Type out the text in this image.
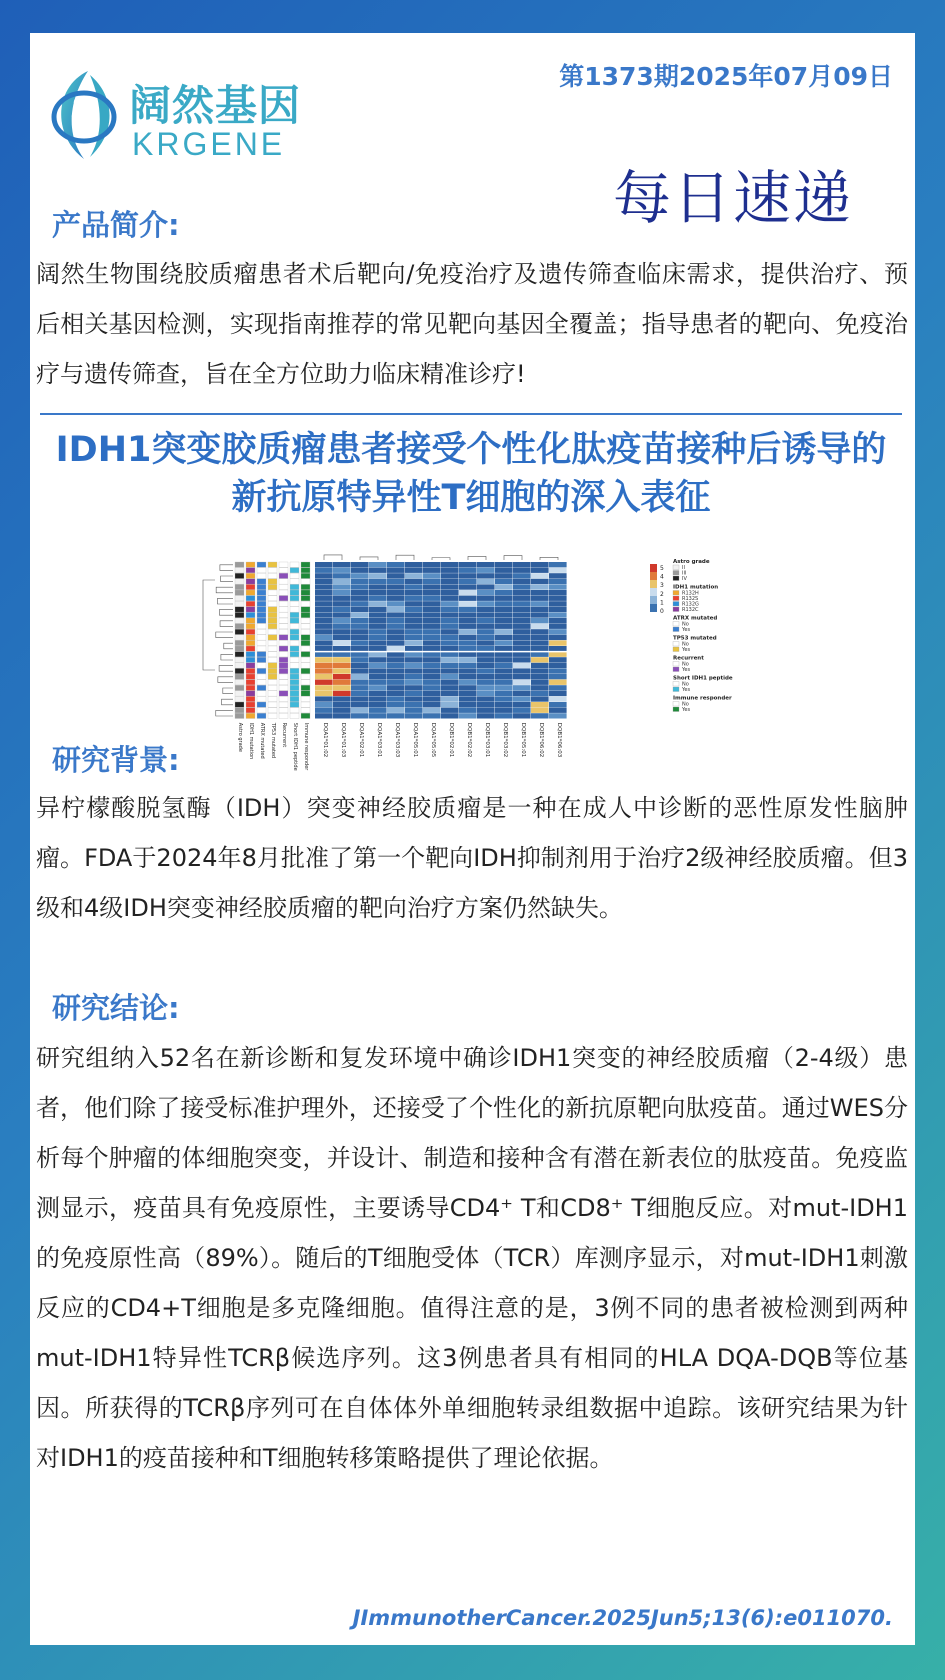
阔然基因
KRGENE
第1373期2025年07月09日
每日速递
产品简介:
阔然生物围绕胶质瘤患者术后靶向/免疫治疗及遗传筛查临床需求，提供治疗、预后相关基因检测，实现指南推荐的常见靶向基因全覆盖；指导患者的靶向、免疫治疗与遗传筛查，旨在全方位助力临床精准诊疗!
IDH1突变胶质瘤患者接受个性化肽疫苗接种后诱导的新抗原特异性T细胞的深入表征
Astro grade IDH1 mutation ATRX mutated TP53 mutated Recurrent Short IDH1 peptide Immune responder DQA1*01:02 DQA1*01:03 DQA1*02:01 DQA1*03:01 DQA1*03:03 DQA1*05:01 DQA1*05:05 DQB1*02:01 DQB1*02:02 DQB1*03:01 DQB1*03:02 DQB1*05:01 DQB1*06:02 DQB1*06:03
5
4
3
2
1
0
Astro grade
II
III
IV
IDH1 mutation
R132H
R132S
R132G
R132C
ATRX mutated
No
Yes
TP53 mutated
No
Yes
Recurrent
No
Yes
Short IDH1 peptide
No
Yes
Immune responder
No
Yes
研究背景:
异柠檬酸脱氢酶（IDH）突变神经胶质瘤是一种在成人中诊断的恶性原发性脑肿瘤。FDA于2024年8月批准了第一个靶向IDH抑制剂用于治疗2级神经胶质瘤。但3级和4级IDH突变神经胶质瘤的靶向治疗方案仍然缺失。
研究结论:
研究组纳入52名在新诊断和复发环境中确诊IDH1突变的神经胶质瘤（2-4级）患者，他们除了接受标准护理外，还接受了个性化的新抗原靶向肽疫苗。通过WES分析每个肿瘤的体细胞突变，并设计、制造和接种含有潜在新表位的肽疫苗。免疫监测显示，疫苗具有免疫原性，主要诱导CD4⁺ T和CD8⁺ T细胞反应。对mut-IDH1的免疫原性高（89%）。随后的T细胞受体（TCR）库测序显示，对mut-IDH1刺激反应的CD4+T细胞是多克隆细胞。值得注意的是，3例不同的患者被检测到两种mut-IDH1特异性TCRβ候选序列。这3例患者具有相同的HLA DQA-DQB等位基因。所获得的TCRβ序列可在自体体外单细胞转录组数据中追踪。该研究结果为针对IDH1的疫苗接种和T细胞转移策略提供了理论依据。
JImmunotherCancer.2025Jun5;13(6):e011070.
